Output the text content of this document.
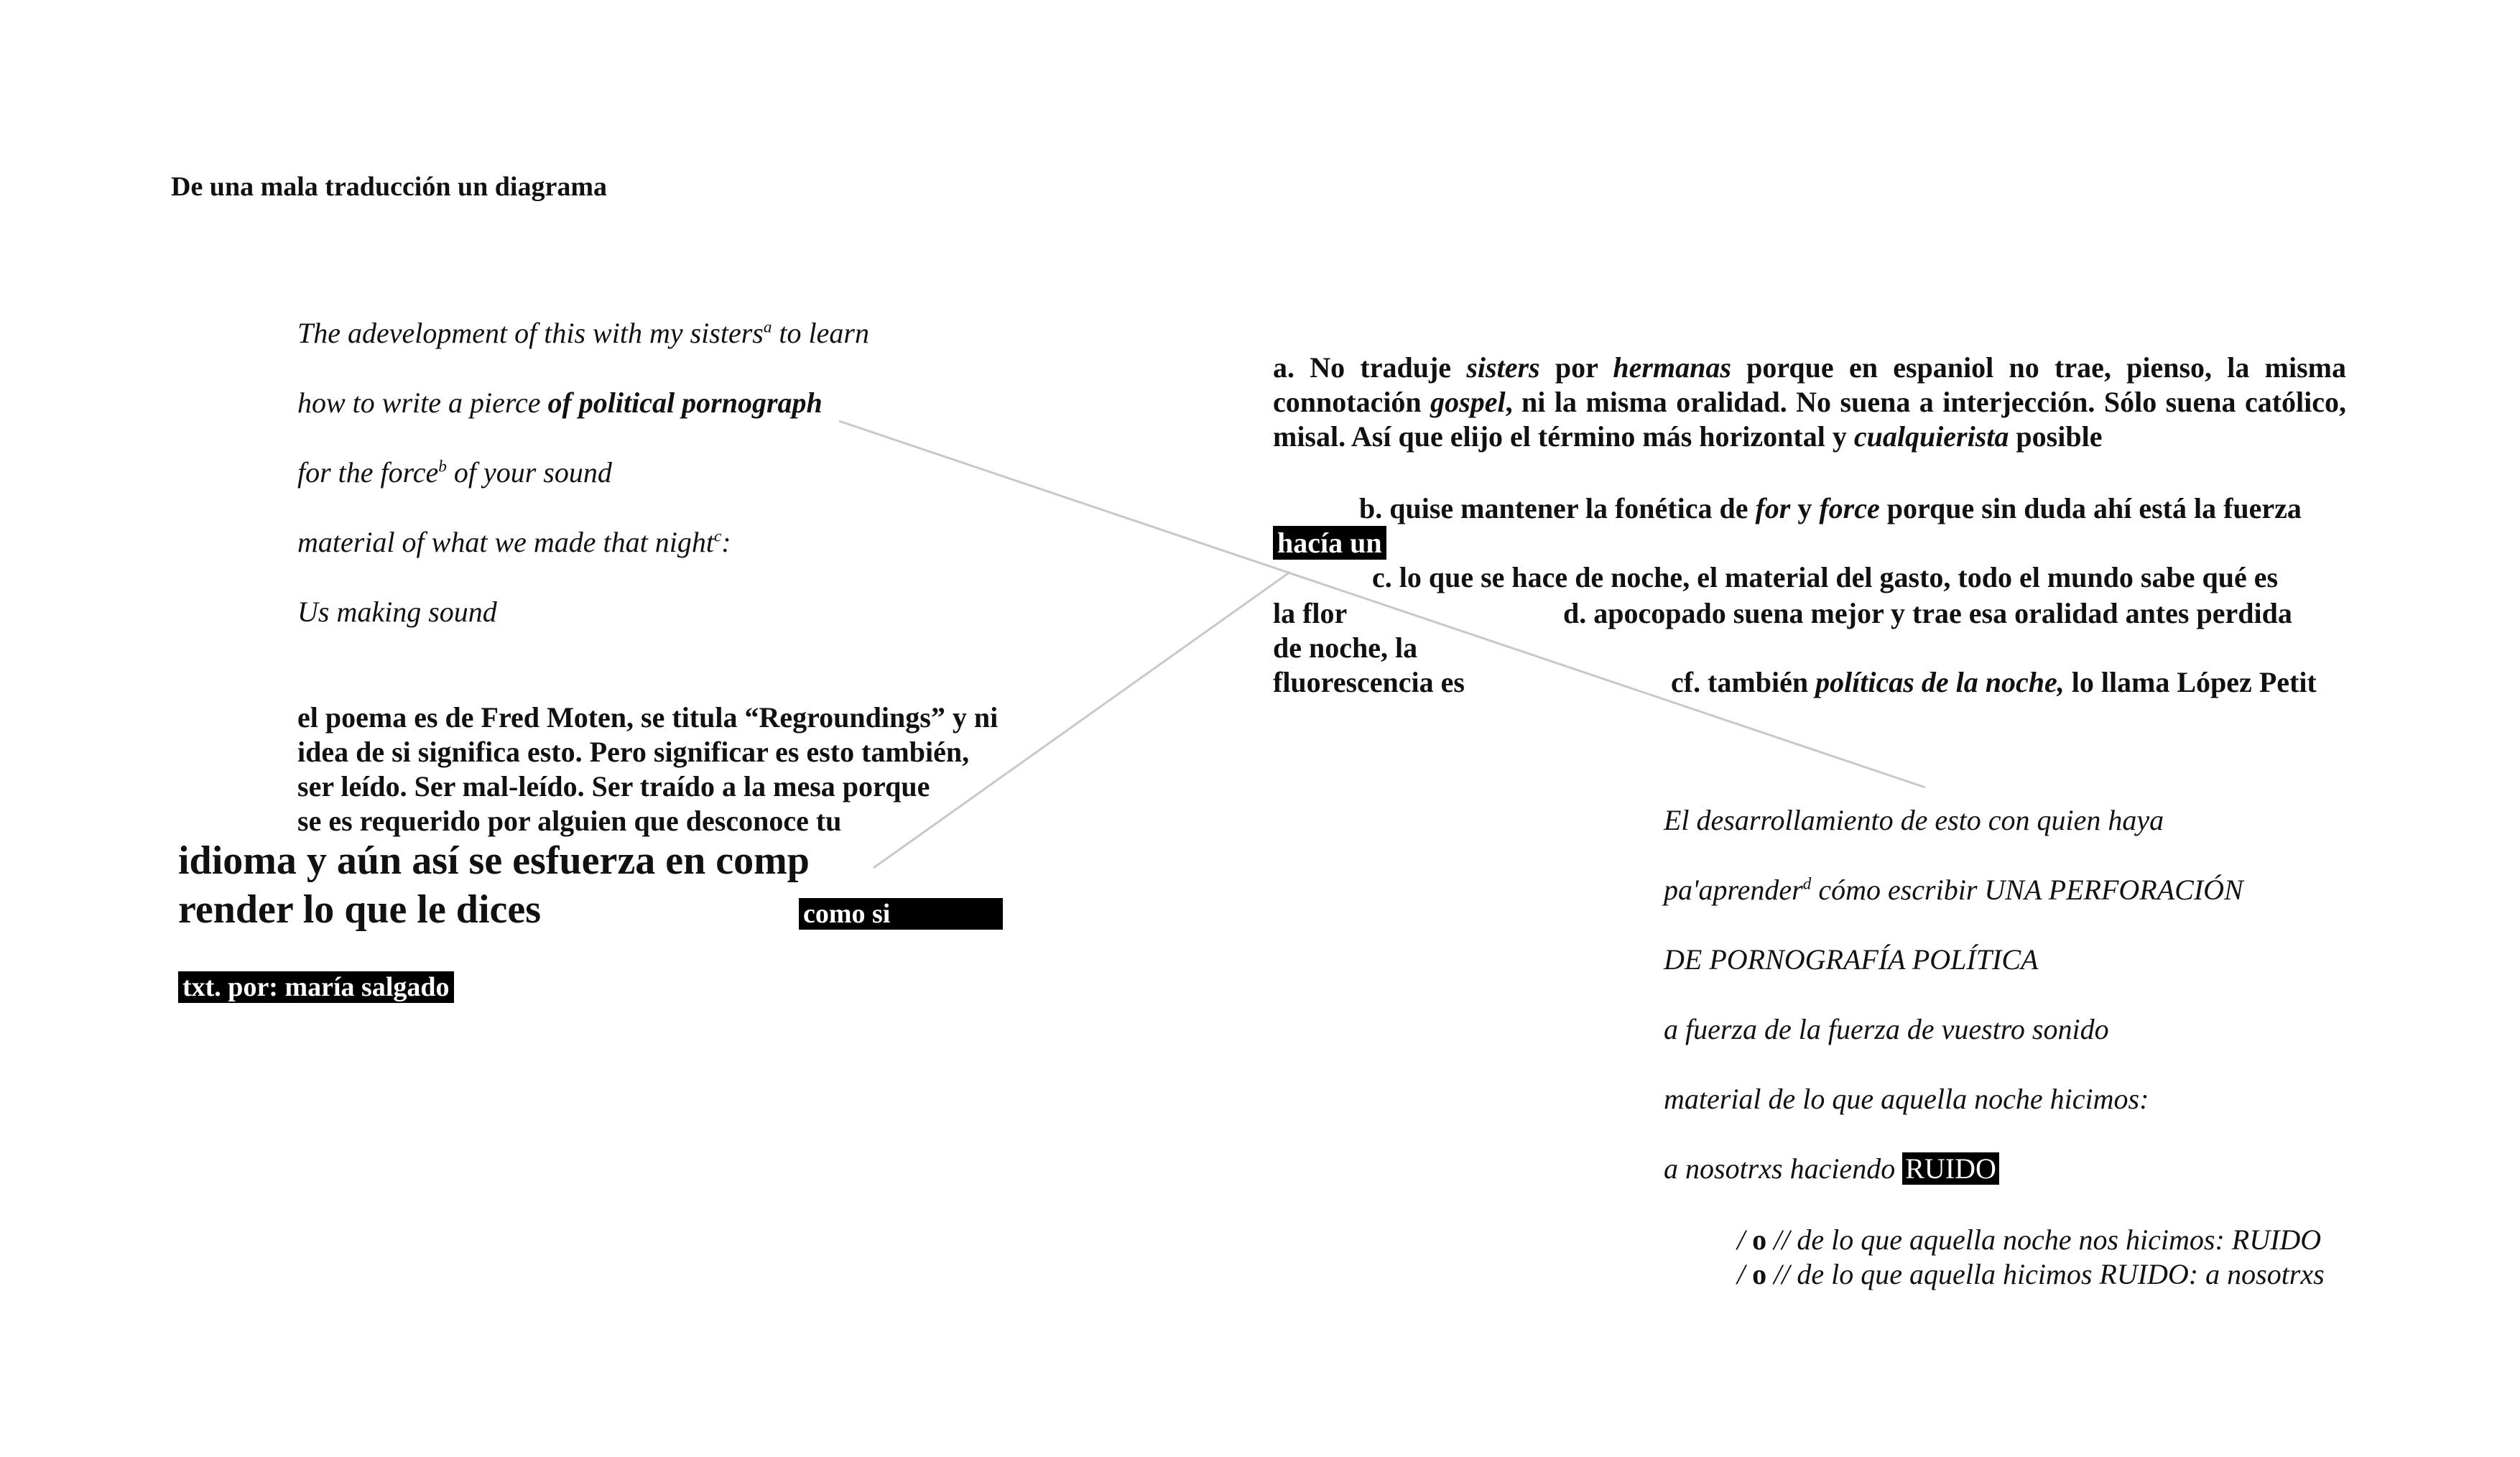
De una mala traducción un diagrama
The adevelopment of this with my sisters$^a$ to learn
how to write a pierce of political pornograph
for the force$^b$ of your sound
material of what we made that night$^c$:
Us making sound
el poema es de Fred Moten, se titula “Regroundings” y ni
idea de si significa esto. Pero significar es esto también,
ser leído. Ser mal-leído. Ser traído a la mesa porque
se es requerido por alguien que desconoce tu
idioma y aún así se esfuerza en comp
render lo que le dices	como si
txt. por: maría salgado
a. No traduje sisters por hermanas porque en espaniol no trae, pienso, la misma connotación gospel, ni la misma oralidad. No suena a interjección. Sólo suena católico, misal. Así que elijo el término más horizontal y cualquierista posible
b. quise mantener la fonética de for y force porque sin duda ahí está la fuerza
hacía un
c. lo que se hace de noche, el material del gasto, todo el mundo sabe qué es
la flor	d. apocopado suena mejor y trae esa oralidad antes perdida
de noche, la
fluorescencia es	cf. también políticas de la noche, lo llama López Petit
El desarrollamiento de esto con quien haya
pa'aprender$^d$ cómo escribir UNA PERFORACIÓN
DE PORNOGRAFÍA POLÍTICA
a fuerza de la fuerza de vuestro sonido
material de lo que aquella noche hicimos:
a nosotrxs haciendo RUIDO
/ o // de lo que aquella noche nos hicimos: RUIDO
/ o // de lo que aquella hicimos RUIDO: a nosotrxs
